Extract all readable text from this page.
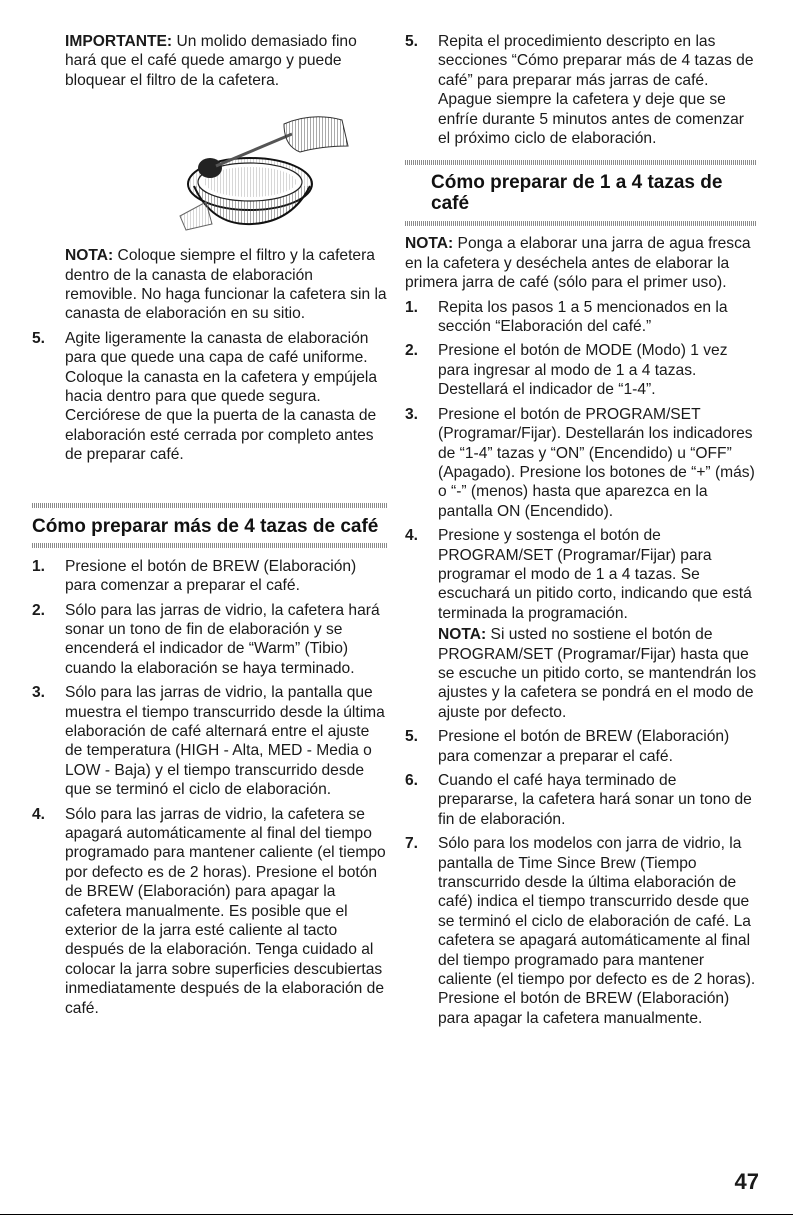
IMPORTANTE: Un molido demasiado fino hará que el café quede amargo y puede bloquear el filtro de la cafetera.

NOTA: Coloque siempre el filtro y la cafetera dentro de la canasta de elaboración removible. No haga funcionar la cafetera sin la canasta de elaboración en su sitio.

5. Agite ligeramente la canasta de elaboración para que quede una capa de café uniforme. Coloque la canasta en la cafetera y empújela hacia dentro para que quede segura. Cerciórese de que la puerta de la canasta de elaboración esté cerrada por completo antes de preparar café.
Cómo preparar más de 4 tazas de café
1. Presione el botón de BREW (Elaboración) para comenzar a preparar el café.
2. Sólo para las jarras de vidrio, la cafetera hará sonar un tono de fin de elaboración y se encenderá el indicador de “Warm” (Tibio) cuando la elaboración se haya terminado.
3. Sólo para las jarras de vidrio, la pantalla que muestra el tiempo transcurrido desde la última elaboración de café alternará entre el ajuste de temperatura (HIGH - Alta, MED - Media o LOW - Baja) y el tiempo transcurrido desde que se terminó el ciclo de elaboración.
4. Sólo para las jarras de vidrio, la cafetera se apagará automáticamente al final del tiempo programado para mantener caliente (el tiempo por defecto es de 2 horas). Presione el botón de BREW (Elaboración) para apagar la cafetera manualmente. Es posible que el exterior de la jarra esté caliente al tacto después de la elaboración. Tenga cuidado al colocar la jarra sobre superficies descubiertas inmediatamente después de la elaboración de café.
5. Repita el procedimiento descripto en las secciones “Cómo preparar más de 4 tazas de café” para preparar más jarras de café. Apague siempre la cafetera y deje que se enfríe durante 5 minutos antes de comenzar el próximo ciclo de elaboración.
Cómo preparar de 1 a 4 tazas de café

NOTA: Ponga a elaborar una jarra de agua fresca en la cafetera y deséchela antes de elaborar la primera jarra de café (sólo para el primer uso).

1. Repita los pasos 1 a 5 mencionados en la sección “Elaboración del café.”
2. Presione el botón de MODE (Modo) 1 vez para ingresar al modo de 1 a 4 tazas. Destellará el indicador de “1-4”.
3. Presione el botón de PROGRAM/SET (Programar/Fijar). Destellarán los indicadores de “1-4” tazas y “ON” (Encendido) u “OFF” (Apagado). Presione los botones de “+” (más) o “-” (menos) hasta que aparezca en la pantalla ON (Encendido).
4. Presione y sostenga el botón de PROGRAM/SET (Programar/Fijar) para programar el modo de 1 a 4 tazas. Se escuchará un pitido corto, indicando que está terminada la programación.
NOTA: Si usted no sostiene el botón de PROGRAM/SET (Programar/Fijar) hasta que se escuche un pitido corto, se mantendrán los ajustes y la cafetera se pondrá en el modo de ajuste por defecto.
5. Presione el botón de BREW (Elaboración) para comenzar a preparar el café.
6. Cuando el café haya terminado de prepararse, la cafetera hará sonar un tono de fin de elaboración.
7. Sólo para los modelos con jarra de vidrio, la pantalla de Time Since Brew (Tiempo transcurrido desde la última elaboración de café) indica el tiempo transcurrido desde que se terminó el ciclo de elaboración de café. La cafetera se apagará automáticamente al final del tiempo programado para mantener caliente (el tiempo por defecto es de 2 horas). Presione el botón de BREW (Elaboración) para apagar la cafetera manualmente.
47
